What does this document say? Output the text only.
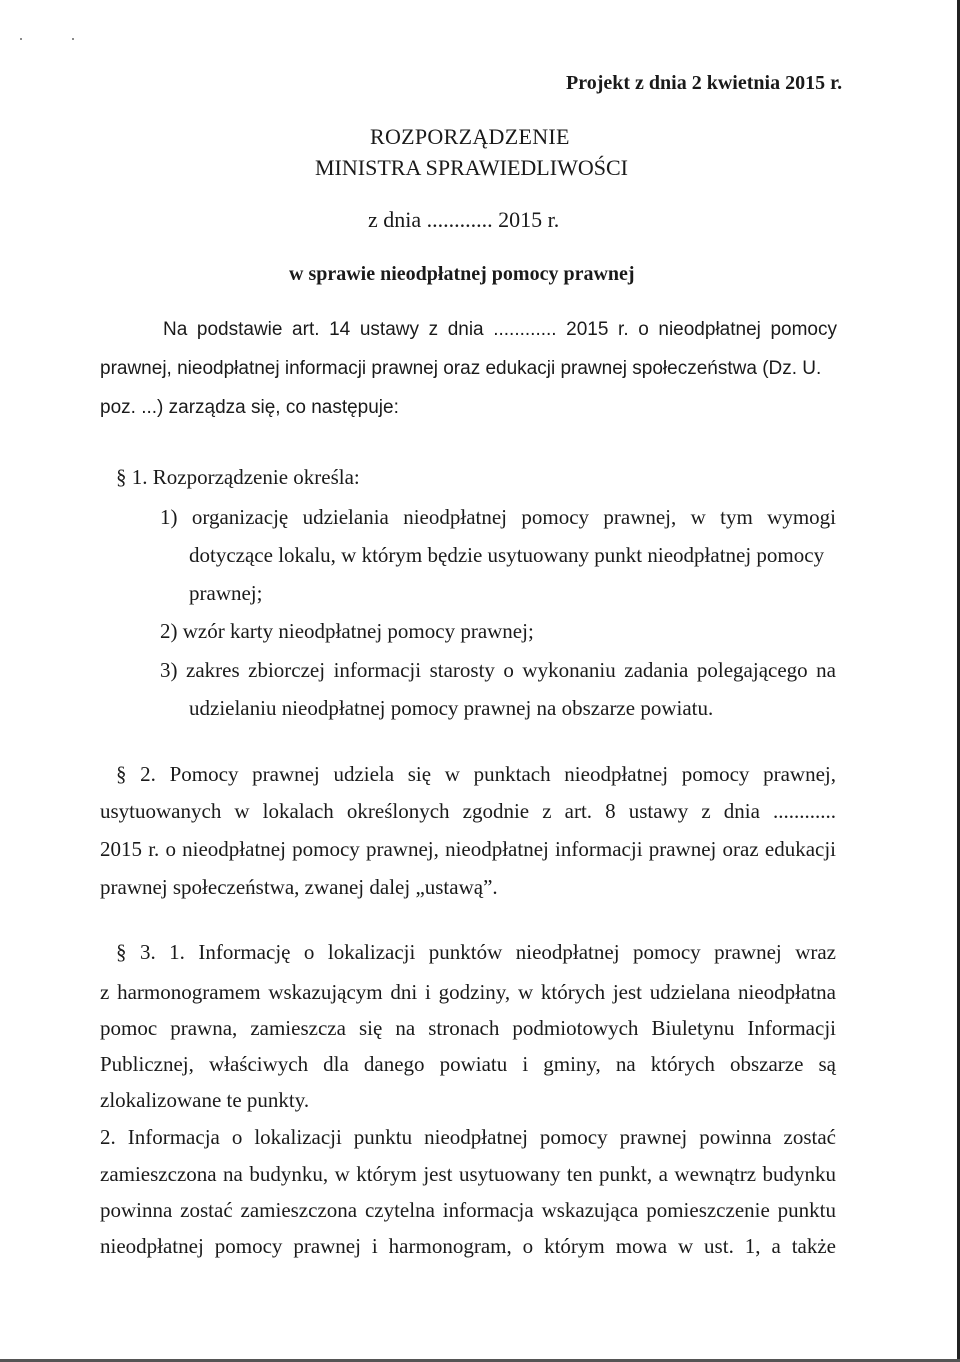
Projekt z dnia 2 kwietnia 2015 r.
ROZPORZĄDZENIE
MINISTRA SPRAWIEDLIWOŚCI
z dnia ............ 2015 r.
w sprawie nieodpłatnej pomocy prawnej
Na podstawie art. 14 ustawy z dnia ............ 2015 r. o nieodpłatnej pomocy
prawnej, nieodpłatnej informacji prawnej oraz edukacji prawnej społeczeństwa (Dz. U.
poz. ...) zarządza się, co następuje:
§ 1. Rozporządzenie określa:
1) organizację udzielania nieodpłatnej pomocy prawnej, w tym wymogi
dotyczące lokalu, w którym będzie usytuowany punkt nieodpłatnej pomocy
prawnej;
2) wzór karty nieodpłatnej pomocy prawnej;
3) zakres zbiorczej informacji starosty o wykonaniu zadania polegającego na
udzielaniu nieodpłatnej pomocy prawnej na obszarze powiatu.
§ 2. Pomocy prawnej udziela się w punktach nieodpłatnej pomocy prawnej,
usytuowanych w lokalach określonych zgodnie z art. 8 ustawy z dnia ............
2015 r. o nieodpłatnej pomocy prawnej, nieodpłatnej informacji prawnej oraz edukacji
prawnej społeczeństwa, zwanej dalej „ustawą”.
§ 3. 1. Informację o lokalizacji punktów nieodpłatnej pomocy prawnej wraz
z harmonogramem wskazującym dni i godziny, w których jest udzielana nieodpłatna
pomoc prawna, zamieszcza się na stronach podmiotowych Biuletynu Informacji
Publicznej, właściwych dla danego powiatu i gminy, na których obszarze są
zlokalizowane te punkty.
2. Informacja o lokalizacji punktu nieodpłatnej pomocy prawnej powinna zostać
zamieszczona na budynku, w którym jest usytuowany ten punkt, a wewnątrz budynku
powinna zostać zamieszczona czytelna informacja wskazująca pomieszczenie punktu
nieodpłatnej pomocy prawnej i harmonogram, o którym mowa w ust. 1, a także
